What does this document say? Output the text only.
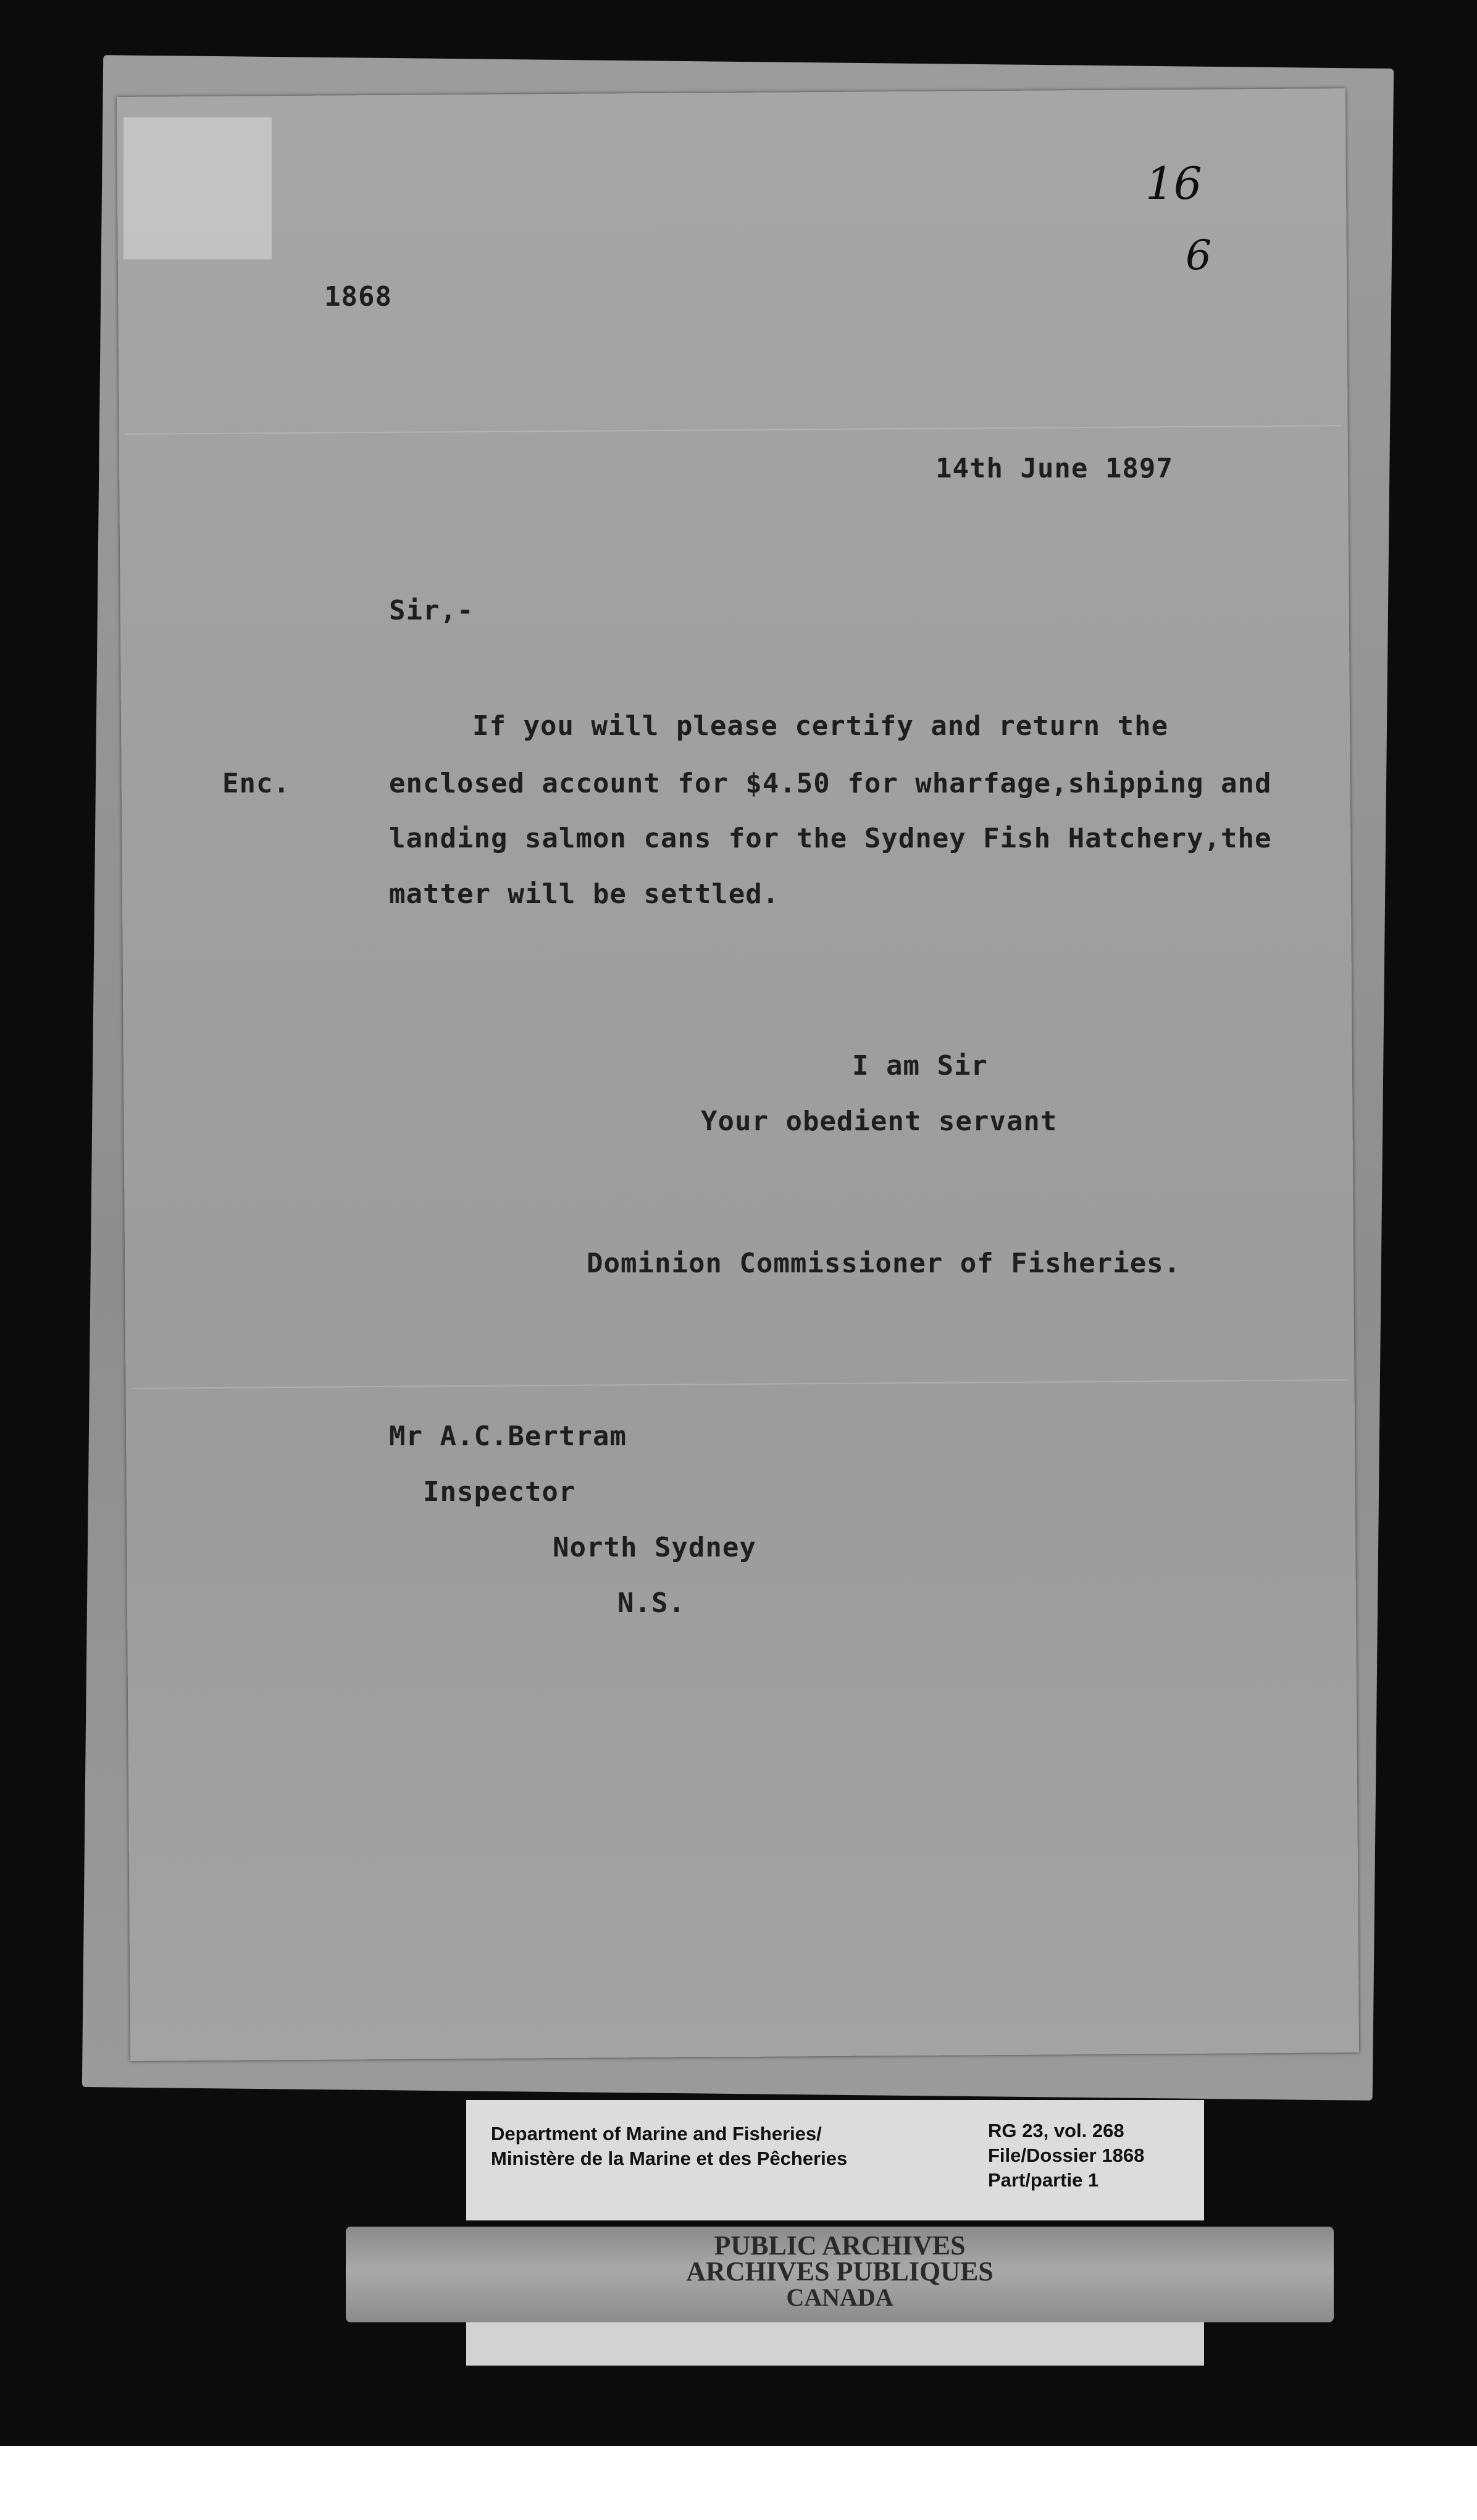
16
6
1868
14th June 1897
Sir,-
Enc.
If you will please certify and return the
enclosed account for $4.50 for wharfage,shipping and
landing salmon cans for the Sydney Fish Hatchery,the
matter will be settled.
I am Sir
Your obedient servant
Dominion Commissioner of Fisheries.
Mr A.C.Bertram
Inspector
North Sydney
N.S.
Department of Marine and Fisheries/
Ministère de la Marine et des Pêcheries
RG 23, vol. 268
File/Dossier 1868
Part/partie 1
PUBLIC ARCHIVES
ARCHIVES PUBLIQUES
CANADA
